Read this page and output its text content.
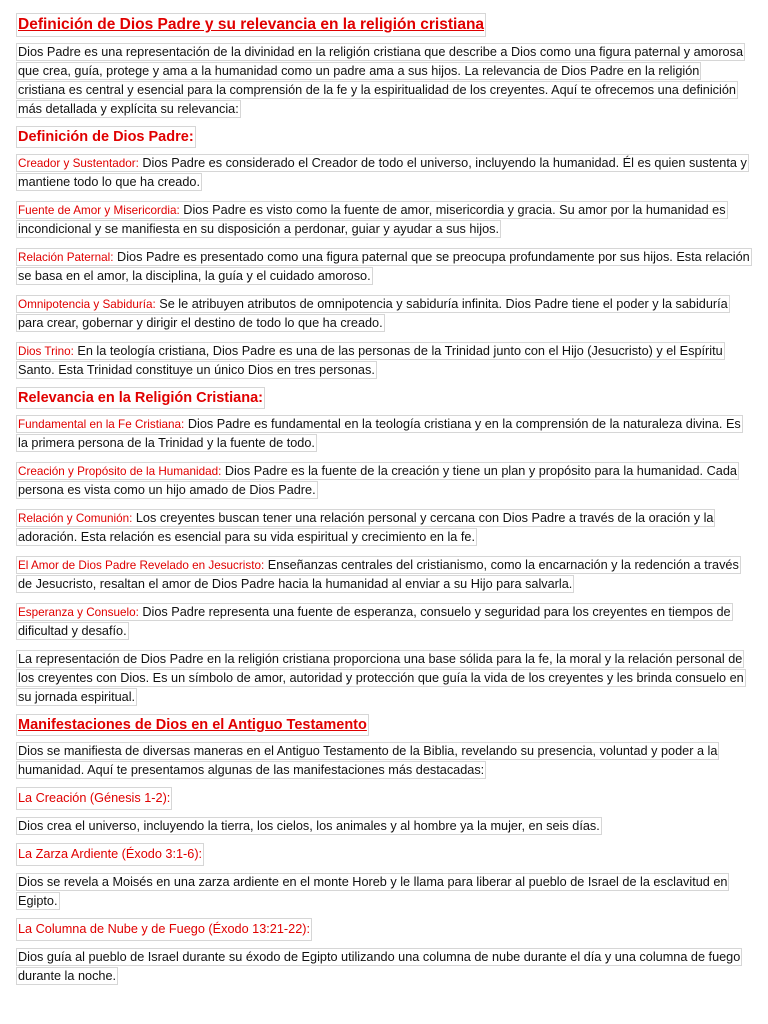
Definición de Dios Padre y su relevancia en la religión cristiana

Dios Padre es una representación de la divinidad en la religión cristiana que describe a Dios como una figura paternal y amorosa que crea, guía, protege y ama a la humanidad como un padre ama a sus hijos. La relevancia de Dios Padre en la religión cristiana es central y esencial para la comprensión de la fe y la espiritualidad de los creyentes. Aquí te ofrecemos una definición más detallada y explícita su relevancia:

Definición de Dios Padre:

Creador y Sustentador: Dios Padre es considerado el Creador de todo el universo, incluyendo la humanidad. Él es quien sustenta y mantiene todo lo que ha creado.

Fuente de Amor y Misericordia: Dios Padre es visto como la fuente de amor, misericordia y gracia. Su amor por la humanidad es incondicional y se manifiesta en su disposición a perdonar, guiar y ayudar a sus hijos.

Relación Paternal: Dios Padre es presentado como una figura paternal que se preocupa profundamente por sus hijos. Esta relación se basa en el amor, la disciplina, la guía y el cuidado amoroso.

Omnipotencia y Sabiduría: Se le atribuyen atributos de omnipotencia y sabiduría infinita. Dios Padre tiene el poder y la sabiduría para crear, gobernar y dirigir el destino de todo lo que ha creado.

Dios Trino: En la teología cristiana, Dios Padre es una de las personas de la Trinidad junto con el Hijo (Jesucristo) y el Espíritu Santo. Esta Trinidad constituye un único Dios en tres personas.

Relevancia en la Religión Cristiana:

Fundamental en la Fe Cristiana: Dios Padre es fundamental en la teología cristiana y en la comprensión de la naturaleza divina. Es la primera persona de la Trinidad y la fuente de todo.

Creación y Propósito de la Humanidad: Dios Padre es la fuente de la creación y tiene un plan y propósito para la humanidad. Cada persona es vista como un hijo amado de Dios Padre.

Relación y Comunión: Los creyentes buscan tener una relación personal y cercana con Dios Padre a través de la oración y la adoración. Esta relación es esencial para su vida espiritual y crecimiento en la fe.

El Amor de Dios Padre Revelado en Jesucristo: Enseñanzas centrales del cristianismo, como la encarnación y la redención a través de Jesucristo, resaltan el amor de Dios Padre hacia la humanidad al enviar a su Hijo para salvarla.

Esperanza y Consuelo: Dios Padre representa una fuente de esperanza, consuelo y seguridad para los creyentes en tiempos de dificultad y desafío.

La representación de Dios Padre en la religión cristiana proporciona una base sólida para la fe, la moral y la relación personal de los creyentes con Dios. Es un símbolo de amor, autoridad y protección que guía la vida de los creyentes y les brinda consuelo en su jornada espiritual.

Manifestaciones de Dios en el Antiguo Testamento

Dios se manifiesta de diversas maneras en el Antiguo Testamento de la Biblia, revelando su presencia, voluntad y poder a la humanidad. Aquí te presentamos algunas de las manifestaciones más destacadas:

La Creación (Génesis 1-2):

Dios crea el universo, incluyendo la tierra, los cielos, los animales y al hombre ya la mujer, en seis días.

La Zarza Ardiente (Éxodo 3:1-6):

Dios se revela a Moisés en una zarza ardiente en el monte Horeb y le llama para liberar al pueblo de Israel de la esclavitud en Egipto.

La Columna de Nube y de Fuego (Éxodo 13:21-22):

Dios guía al pueblo de Israel durante su éxodo de Egipto utilizando una columna de nube durante el día y una columna de fuego durante la noche.
